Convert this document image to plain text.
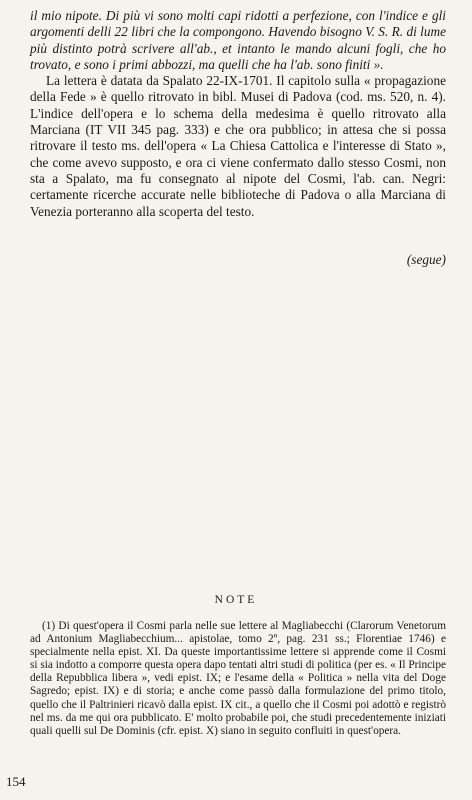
il mio nipote. Di più vi sono molti capi ridotti a perfezione, con l'indice e gli argomenti delli 22 libri che la compongono. Havendo bisogno V. S. R. di lume più distinto potrà scrivere all'ab., et intanto le mando alcuni fogli, che ho trovato, e sono i primi abbozzi, ma quelli che ha l'ab. sono finiti ».

La lettera è datata da Spalato 22-IX-1701. Il capitolo sulla « propagazione della Fede » è quello ritrovato in bibl. Musei di Padova (cod. ms. 520, n. 4). L'indice dell'opera e lo schema della medesima è quello ritrovato alla Marciana (IT VII 345 pag. 333) e che ora pubblico; in attesa che si possa ritrovare il testo ms. dell'opera « La Chiesa Cattolica e l'interesse di Stato », che come avevo supposto, e ora ci viene confermato dallo stesso Cosmi, non sta a Spalato, ma fu consegnato al nipote del Cosmi, l'ab. can. Negri: certamente ricerche accurate nelle biblioteche di Padova o alla Marciana di Venezia porteranno alla scoperta del testo.

(segue)
NOTE

(1) Di quest'opera il Cosmi parla nelle sue lettere al Magliabecchi (Clarorum Venetorum ad Antonium Magliabecchium... apistolae, tomo 2º, pag. 231 ss.; Florentiae 1746) e specialmente nella epist. XI. Da queste importantissime lettere si apprende come il Cosmi si sia indotto a comporre questa opera dapo tentati altri studi di politica (per es. « Il Principe della Repubblica libera », vedi epist. IX; e l'esame della « Politica » nella vita del Doge Sagredo; epist. IX) e di storia; e anche come passò dalla formulazione del primo titolo, quello che il Paltrinieri ricavò dalla epist. IX cit., a quello che il Cosmi poi adottò e registrò nel ms. da me qui ora pubblicato. E' molto probabile poi, che studi precedentemente iniziati quali quelli sul De Dominis (cfr. epist. X) siano in seguito confluiti in quest'opera.

154
